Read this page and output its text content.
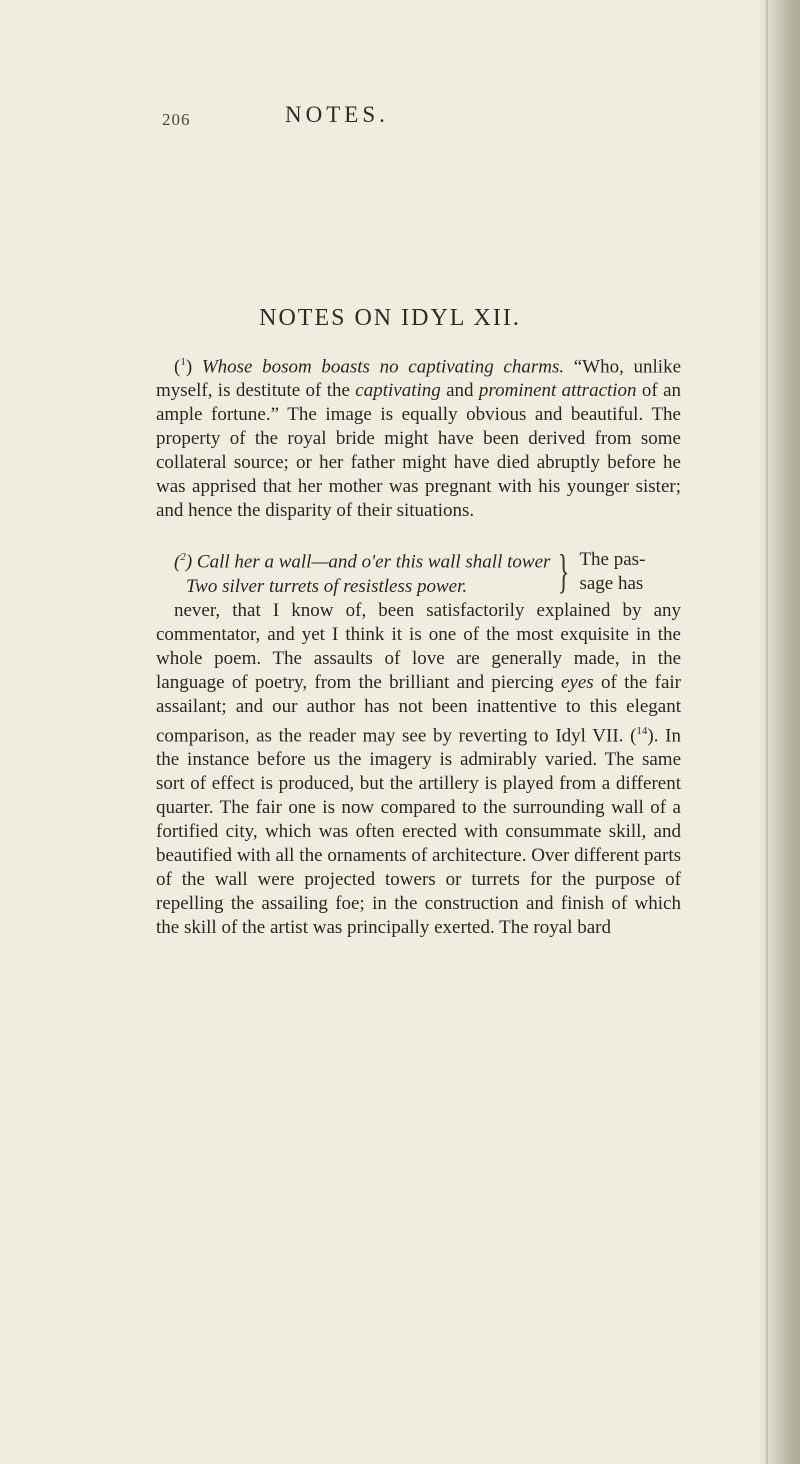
206	NOTES.
NOTES ON IDYL XII.

($^1$) Whose bosom boasts no captivating charms. “Who, unlike myself, is destitute of the captivating and prominent attraction of an ample fortune.” The image is equally obvious and beautiful. The property of the royal bride might have been derived from some collateral source; or her father might have died abruptly before he was apprised that her mother was pregnant with his younger sister; and hence the disparity of their situations.

($^2$) Call her a wall—and o'er this wall shall tower
Two silver turrets of resistless power.	} The pas-
sage has

never, that I know of, been satisfactorily explained by any commentator, and yet I think it is one of the most exquisite in the whole poem. The assaults of love are generally made, in the language of poetry, from the brilliant and piercing eyes of the fair assailant; and our author has not been inattentive to this elegant comparison, as the reader may see by reverting to Idyl VII. ($^{14}$). In the instance before us the imagery is admirably varied. The same sort of effect is produced, but the artillery is played from a different quarter. The fair one is now compared to the surrounding wall of a fortified city, which was often erected with consummate skill, and beautified with all the ornaments of architecture. Over different parts of the wall were projected towers or turrets for the purpose of repelling the assailing foe; in the construction and finish of which the skill of the artist was principally exerted. The royal bard
